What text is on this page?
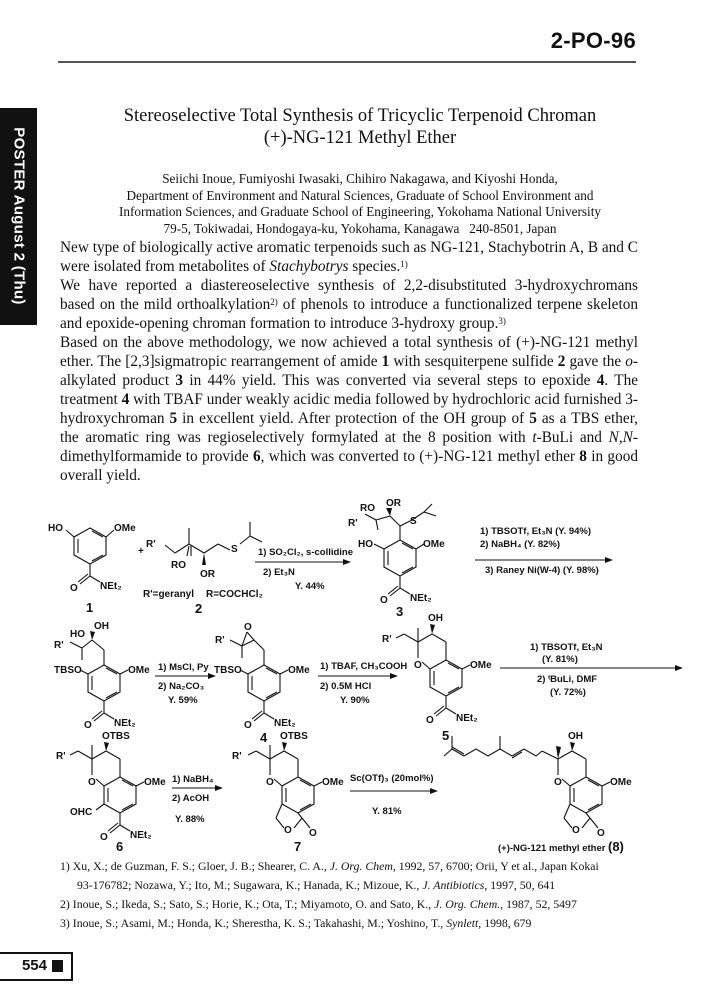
2-PO-96
POSTER August 2 (Thu)
Stereoselective Total Synthesis of Tricyclic Terpenoid Chroman
(+)-NG-121 Methyl Ether
Seiichi Inoue, Fumiyoshi Iwasaki, Chihiro Nakagawa, and Kiyoshi Honda,
Department of Environment and Natural Sciences, Graduate of School Environment and
Information Sciences, and Graduate School of Engineering, Yokohama National University
79-5, Tokiwadai, Hondogaya-ku, Yokohama, Kanagawa   240-8501, Japan

New type of biologically active aromatic terpenoids such as NG-121, Stachybotrin A, B and C were isolated from metabolites of Stachybotrys species.$^{1)}$

We have reported a diastereoselective synthesis of 2,2-disubstituted 3-hydroxychromans based on the mild orthoalkylation$^{2)}$ of phenols to introduce a functionalized terpene skeleton and epoxide-opening chroman formation to introduce 3-hydroxy group.$^{3)}$

Based on the above methodology, we now achieved a total synthesis of (+)-NG-121 methyl ether. The [2,3]sigmatropic rearrangement of amide 1 with sesquiterpene sulfide 2 gave the o-alkylated product 3 in 44% yield. This was converted via several steps to epoxide 4. The treatment 4 with TBAF under weakly acidic media followed by hydrochloric acid furnished 3-hydroxychroman 5 in excellent yield. After protection of the OH group of 5 as a TBS ether, the aromatic ring was regioselectively formylated at the 8 position with t-BuLi and N,N-dimethylformamide to provide 6, which was converted to (+)-NG-121 methyl ether 8 in good overall yield.

HO	OMe
O NEt₂
1
+
R'
RO
OR
S
R'=geranyl R=COCHCl₂
2
1) SO₂Cl₂, s-collidine
2) Et₃N
Y. 44%
RO OR
R'	S
HO	OMe
O NEt₂
3
1) TBSOTf, Et₃N (Y. 94%)
2) NaBH₄ (Y. 82%)
3) Raney Ni(W-4) (Y. 98%)
HO
OH
R'
TBSO	OMe
O NEt₂
1) MsCl, Py
2) Na₂CO₃
Y. 59%
O
R'
TBSO	OMe
O NEt₂
4
1) TBAF, CH₃COOH
2) 0.5M HCl
Y. 90%
OH
R'
O	OMe
O NEt₂
5
1) TBSOTf, Et₃N
(Y. 81%)
2) ᵗBuLi, DMF
(Y. 72%)
OTBS
R'
O	OMe
OHC
O NEt₂
6
1) NaBH₄
2) AcOH
Y. 88%
OTBS
R'
O	OMe
O O
7
Sc(OTf)₃ (20mol%)
Y. 81%
OH
O	OMe
O O
(+)-NG-121 methyl ether (8)
1) Xu, X.; de Guzman, F. S.; Gloer, J. B.; Shearer, C. A., J. Org. Chem, 1992, 57, 6700; Orii, Y et al., Japan Kokai
93-176782; Nozawa, Y.; Ito, M.; Sugawara, K.; Hanada, K.; Mizoue, K., J. Antibiotics, 1997, 50, 641
2) Inoue, S.; Ikeda, S.; Sato, S.; Horie, K.; Ota, T.; Miyamoto, O. and Sato, K., J. Org. Chem., 1987, 52, 5497
3) Inoue, S.; Asami, M.; Honda, K.; Sherestha, K. S.; Takahashi, M.; Yoshino, T., Synlett, 1998, 679
554
